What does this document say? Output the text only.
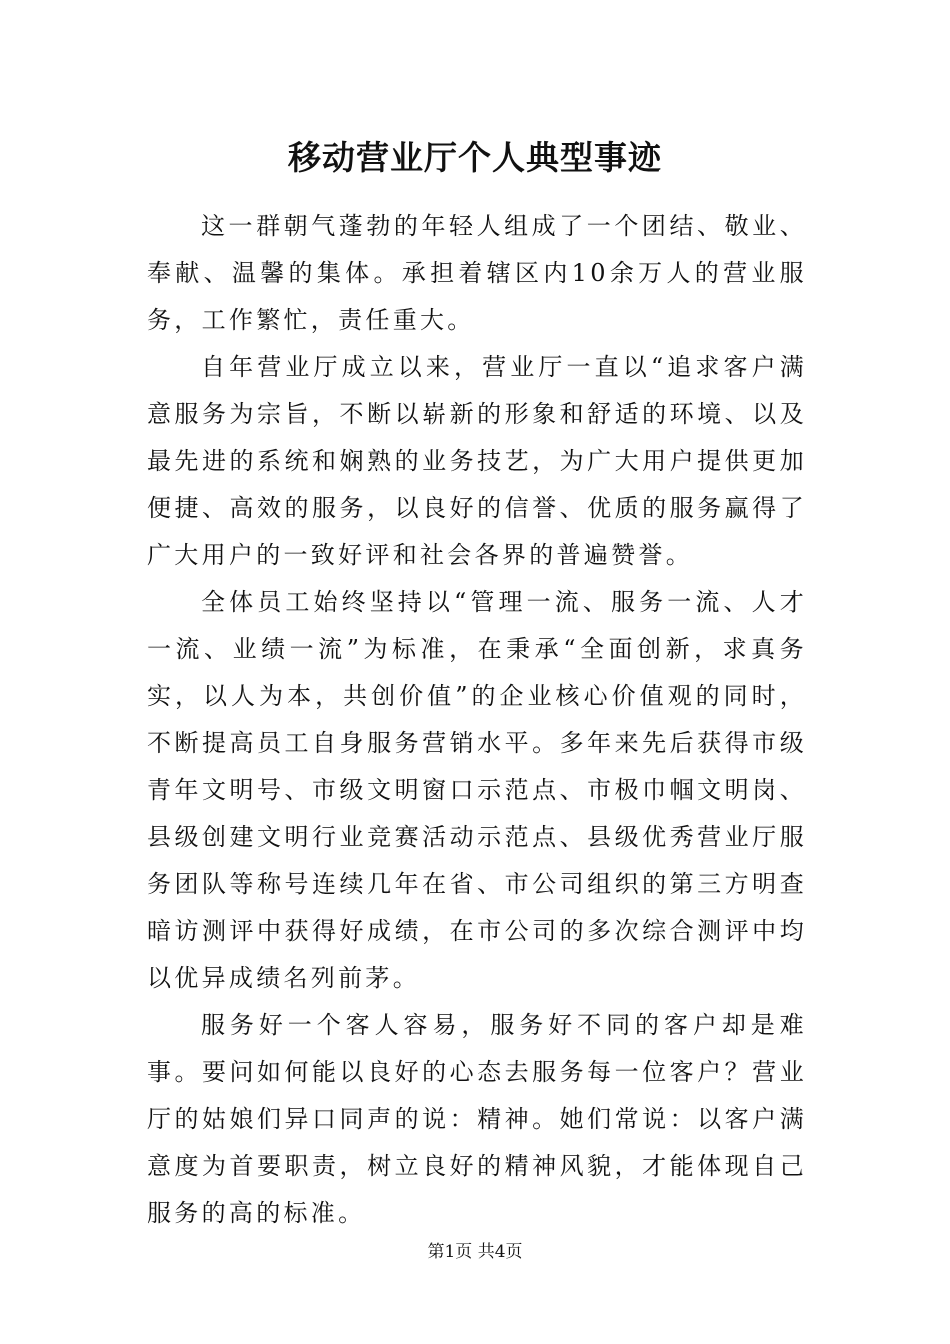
移动营业厅个人典型事迹

这一群朝气蓬勃的年轻人组成了一个团结、敬业、奉献、温馨的集体。承担着辖区内10余万人的营业服务，工作繁忙，责任重大。

自年营业厅成立以来，营业厅一直以“追求客户满意服务为宗旨，不断以崭新的形象和舒适的环境、以及最先进的系统和娴熟的业务技艺，为广大用户提供更加便捷、高效的服务，以良好的信誉、优质的服务赢得了广大用户的一致好评和社会各界的普遍赞誉。

全体员工始终坚持以“管理一流、服务一流、人才一流、业绩一流”为标准，在秉承“全面创新，求真务实，以人为本，共创价值”的企业核心价值观的同时，不断提高员工自身服务营销水平。多年来先后获得市级青年文明号、市级文明窗口示范点、市极巾帼文明岗、县级创建文明行业竞赛活动示范点、县级优秀营业厅服务团队等称号连续几年在省、市公司组织的第三方明查暗访测评中获得好成绩，在市公司的多次综合测评中均以优异成绩名列前茅。

服务好一个客人容易，服务好不同的客户却是难事。要问如何能以良好的心态去服务每一位客户？营业厅的姑娘们异口同声的说：精神。她们常说：以客户满意度为首要职责，树立良好的精神风貌，才能体现自己服务的高的标准。

第1页 共4页
